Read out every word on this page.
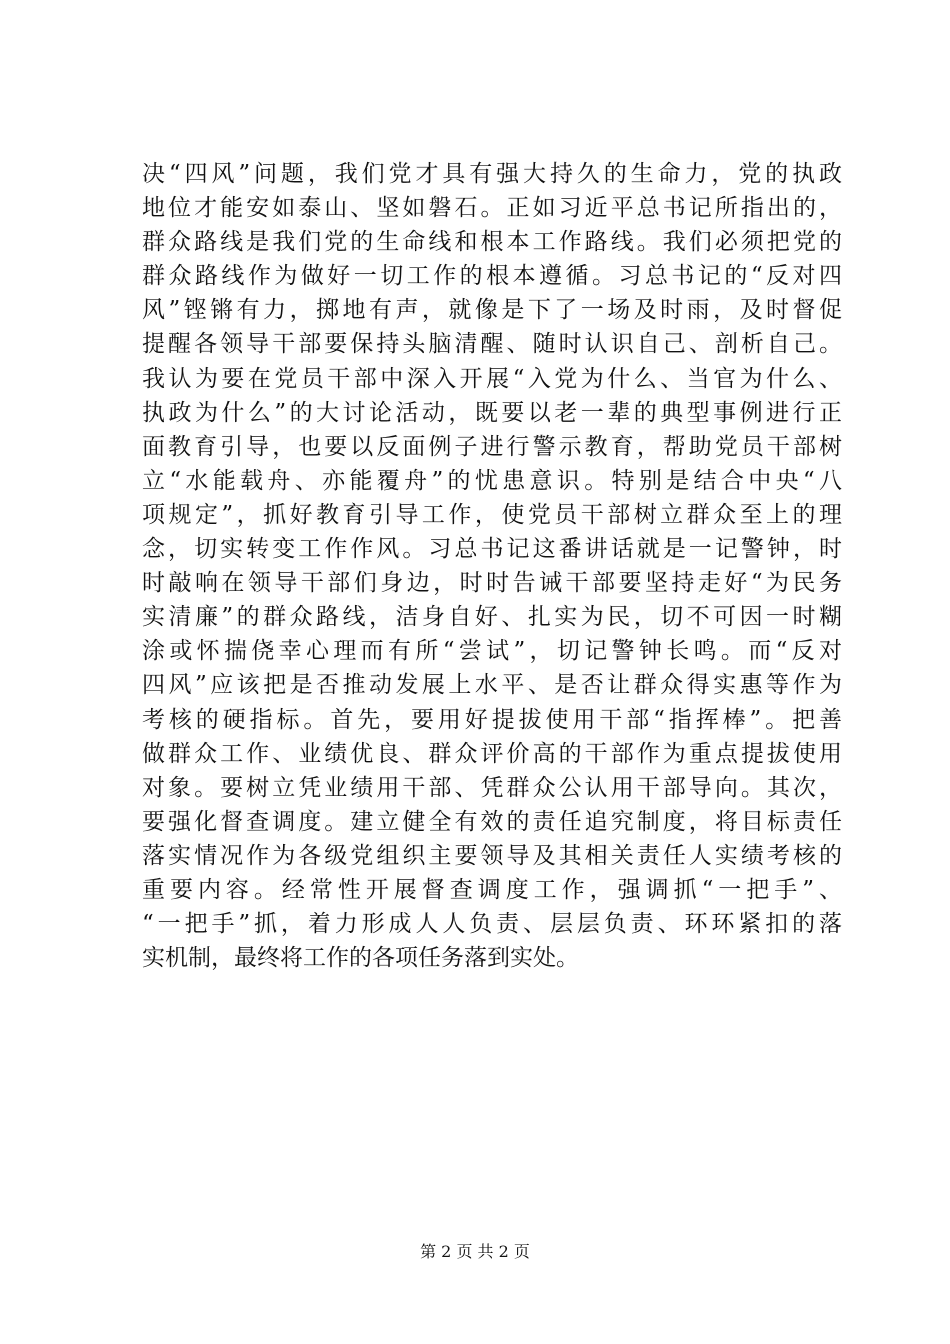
决“四风”问题，我们党才具有强大持久的生命力，党的执政
地位才能安如泰山、坚如磐石。正如习近平总书记所指出的，
群众路线是我们党的生命线和根本工作路线。我们必须把党的
群众路线作为做好一切工作的根本遵循。习总书记的“反对四
风”铿锵有力，掷地有声，就像是下了一场及时雨，及时督促
提醒各领导干部要保持头脑清醒、随时认识自己、剖析自己。
我认为要在党员干部中深入开展“入党为什么、当官为什么、
执政为什么”的大讨论活动，既要以老一辈的典型事例进行正
面教育引导，也要以反面例子进行警示教育，帮助党员干部树
立“水能载舟、亦能覆舟”的忧患意识。特别是结合中央“八
项规定”，抓好教育引导工作，使党员干部树立群众至上的理
念，切实转变工作作风。习总书记这番讲话就是一记警钟，时
时敲响在领导干部们身边，时时告诫干部要坚持走好“为民务
实清廉”的群众路线，洁身自好、扎实为民，切不可因一时糊
涂或怀揣侥幸心理而有所“尝试”，切记警钟长鸣。而“反对
四风”应该把是否推动发展上水平、是否让群众得实惠等作为
考核的硬指标。首先，要用好提拔使用干部“指挥棒”。把善
做群众工作、业绩优良、群众评价高的干部作为重点提拔使用
对象。要树立凭业绩用干部、凭群众公认用干部导向。其次，
要强化督查调度。建立健全有效的责任追究制度，将目标责任
落实情况作为各级党组织主要领导及其相关责任人实绩考核的
重要内容。经常性开展督查调度工作，强调抓“一把手”、
“一把手”抓，着力形成人人负责、层层负责、环环紧扣的落
实机制，最终将工作的各项任务落到实处。
第 2 页 共 2 页
